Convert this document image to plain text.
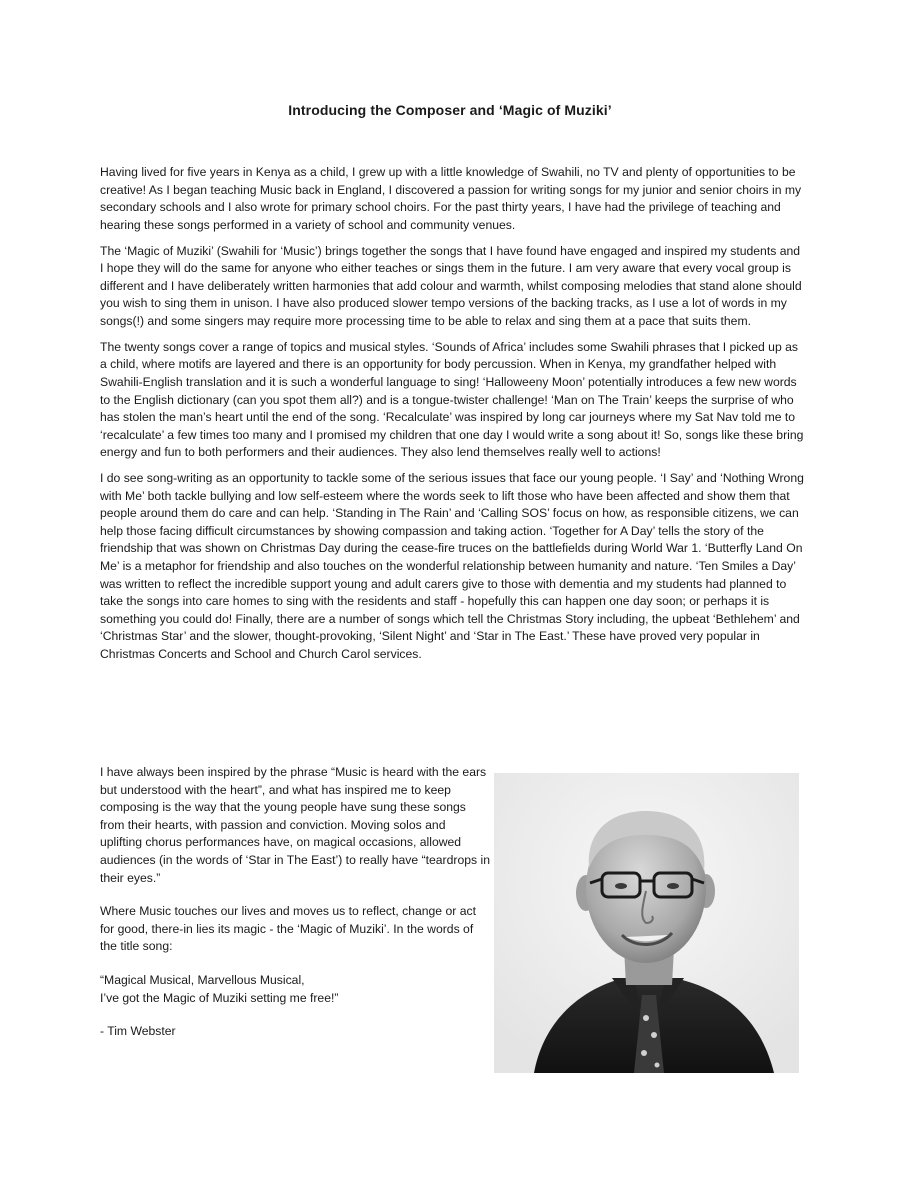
Introducing the Composer and ‘Magic of Muziki’

Having lived for five years in Kenya as a child, I grew up with a little knowledge of Swahili, no TV and plenty of opportunities to be creative! As I began teaching Music back in England, I discovered a passion for writing songs for my junior and senior choirs in my secondary schools and I also wrote for primary school choirs. For the past thirty years, I have had the privilege of teaching and hearing these songs performed in a variety of school and community venues.

The ‘Magic of Muziki’ (Swahili for ‘Music’) brings together the songs that I have found have engaged and inspired my students and I hope they will do the same for anyone who either teaches or sings them in the future. I am very aware that every vocal group is different and I have deliberately written harmonies that add colour and warmth, whilst composing melodies that stand alone should you wish to sing them in unison. I have also produced slower tempo versions of the backing tracks, as I use a lot of words in my songs(!) and some singers may require more processing time to be able to relax and sing them at a pace that suits them.

The twenty songs cover a range of topics and musical styles. ‘Sounds of Africa’ includes some Swahili phrases that I picked up as a child, where motifs are layered and there is an opportunity for body percussion. When in Kenya, my grandfather helped with Swahili-English translation and it is such a wonderful language to sing! ‘Halloweeny Moon’ potentially introduces a few new words to the English dictionary (can you spot them all?) and is a tongue-twister challenge! ‘Man on The Train’ keeps the surprise of who has stolen the man’s heart until the end of the song. ‘Recalculate’ was inspired by long car journeys where my Sat Nav told me to ‘recalculate’ a few times too many and I promised my children that one day I would write a song about it! So, songs like these bring energy and fun to both performers and their audiences. They also lend themselves really well to actions!

I do see song-writing as an opportunity to tackle some of the serious issues that face our young people. ‘I Say’ and ‘Nothing Wrong with Me’ both tackle bullying and low self-esteem where the words seek to lift those who have been affected and show them that people around them do care and can help. ‘Standing in The Rain’ and ‘Calling SOS’ focus on how, as responsible citizens, we can help those facing difficult circumstances by showing compassion and taking action. ‘Together for A Day’ tells the story of the friendship that was shown on Christmas Day during the cease-fire truces on the battlefields during World War 1. ‘Butterfly Land On Me’ is a metaphor for friendship and also touches on the wonderful relationship between humanity and nature. ‘Ten Smiles a Day’ was written to reflect the incredible support young and adult carers give to those with dementia and my students had planned to take the songs into care homes to sing with the residents and staff - hopefully this can happen one day soon; or perhaps it is something you could do! Finally, there are a number of songs which tell the Christmas Story including, the upbeat ‘Bethlehem’ and ‘Christmas Star’ and the slower, thought-provoking, ‘Silent Night’ and ‘Star in The East.’ These have proved very popular in Christmas Concerts and School and Church Carol services.

I have always been inspired by the phrase “Music is heard with the ears but understood with the heart”, and what has inspired me to keep composing is the way that the young people have sung these songs from their hearts, with passion and conviction. Moving solos and uplifting chorus performances have, on magical occasions, allowed audiences (in the words of ‘Star in The East’) to really have “teardrops in their eyes.”

Where Music touches our lives and moves us to reflect, change or act for good, there-in lies its magic - the ‘Magic of Muziki’. In the words of the title song:

“Magical Musical, Marvellous Musical,

I’ve got the Magic of Muziki setting me free!”

- Tim Webster
